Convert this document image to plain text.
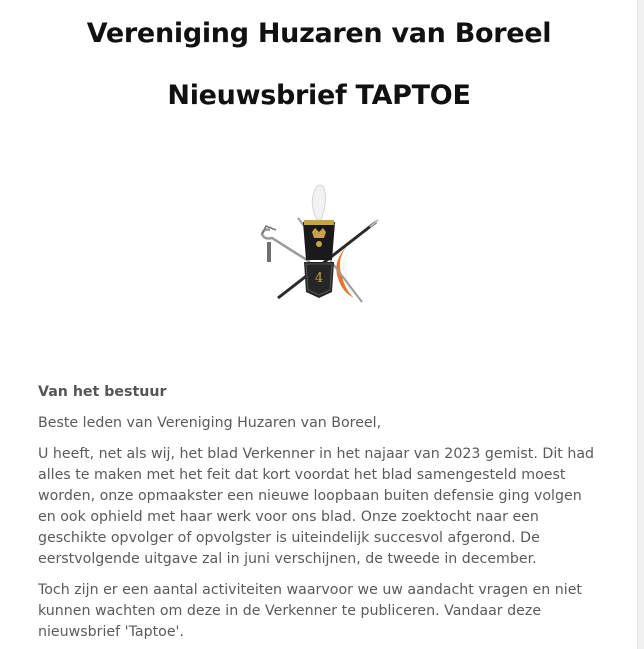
Vereniging Huzaren van Boreel
Nieuwsbrief TAPTOE
4

Van het bestuur

Beste leden van Vereniging Huzaren van Boreel,

U heeft, net als wij, het blad Verkenner in het najaar van 2023 gemist. Dit had alles te maken met het feit dat kort voordat het blad samengesteld moest worden, onze opmaakster een nieuwe loopbaan buiten defensie ging volgen en ook ophield met haar werk voor ons blad. Onze zoektocht naar een geschikte opvolger of opvolgster is uiteindelijk succesvol afgerond. De eerstvolgende uitgave zal in juni verschijnen, de tweede in december.

Toch zijn er een aantal activiteiten waarvoor we uw aandacht vragen en niet kunnen wachten om deze in de Verkenner te publiceren. Vandaar deze nieuwsbrief 'Taptoe'.
